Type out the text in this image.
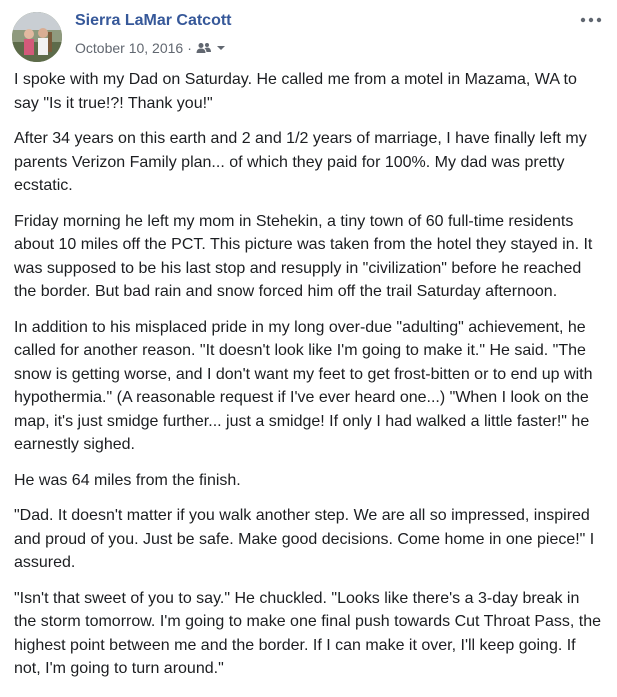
Sierra LaMar Catcott
October 10, 2016 ·

I spoke with my Dad on Saturday. He called me from a motel in Mazama, WA to say "Is it true!?! Thank you!"

After 34 years on this earth and 2 and 1/2 years of marriage, I have finally left my parents Verizon Family plan... of which they paid for 100%. My dad was pretty ecstatic.

Friday morning he left my mom in Stehekin, a tiny town of 60 full-time residents about 10 miles off the PCT. This picture was taken from the hotel they stayed in. It was supposed to be his last stop and resupply in "civilization" before he reached the border. But bad rain and snow forced him off the trail Saturday afternoon.

In addition to his misplaced pride in my long over-due "adulting" achievement, he called for another reason. "It doesn't look like I'm going to make it." He said. "The snow is getting worse, and I don't want my feet to get frost-bitten or to end up with hypothermia." (A reasonable request if I've ever heard one...) "When I look on the map, it's just smidge further... just a smidge! If only I had walked a little faster!" he earnestly sighed.

He was 64 miles from the finish.

"Dad. It doesn't matter if you walk another step. We are all so impressed, inspired and proud of you. Just be safe. Make good decisions. Come home in one piece!" I assured.

"Isn't that sweet of you to say." He chuckled. "Looks like there's a 3-day break in the storm tomorrow. I'm going to make one final push towards Cut Throat Pass, the highest point between me and the border. If I can make it over, I'll keep going. If not, I'm going to turn around."
